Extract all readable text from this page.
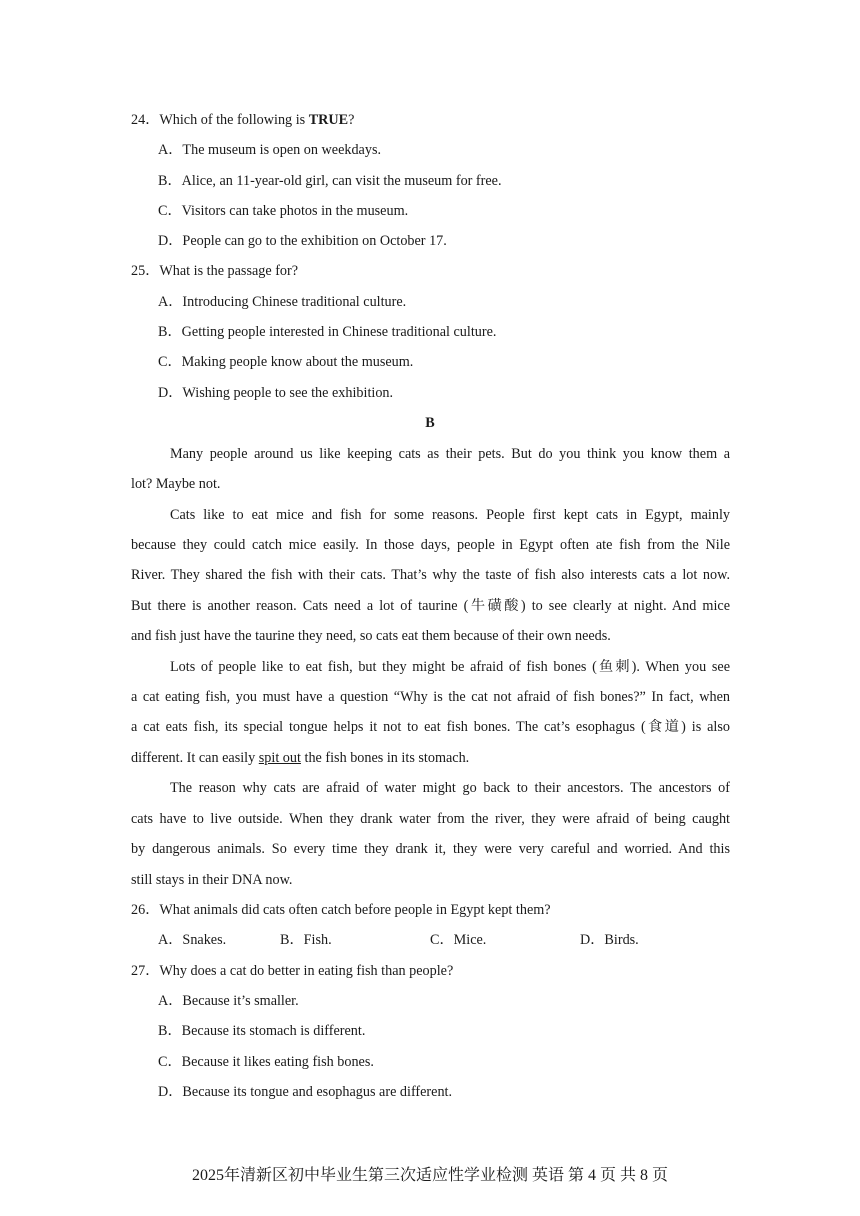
24．Which of the following is TRUE?
A．The museum is open on weekdays.
B．Alice, an 11-year-old girl, can visit the museum for free.
C．Visitors can take photos in the museum.
D．People can go to the exhibition on October 17.
25．What is the passage for?
A．Introducing Chinese traditional culture.
B．Getting people interested in Chinese traditional culture.
C．Making people know about the museum.
D．Wishing people to see the exhibition.
B
Many people around us like keeping cats as their pets. But do you think you know them a
lot? Maybe not.
Cats like to eat mice and fish for some reasons. People first kept cats in Egypt, mainly
because they could catch mice easily. In those days, people in Egypt often ate fish from the Nile
River. They shared the fish with their cats. That’s why the taste of fish also interests cats a lot now.
But there is another reason. Cats need a lot of taurine (牛磺酸) to see clearly at night. And mice
and fish just have the taurine they need, so cats eat them because of their own needs.
Lots of people like to eat fish, but they might be afraid of fish bones (鱼刺). When you see
a cat eating fish, you must have a question “Why is the cat not afraid of fish bones?” In fact, when
a cat eats fish, its special tongue helps it not to eat fish bones. The cat’s esophagus (食道) is also
different. It can easily spit out the fish bones in its stomach.
The reason why cats are afraid of water might go back to their ancestors. The ancestors of
cats have to live outside. When they drank water from the river, they were afraid of being caught
by dangerous animals. So every time they drank it, they were very careful and worried. And this
still stays in their DNA now.
26．What animals did cats often catch before people in Egypt kept them?
A．Snakes.	B．Fish.	C．Mice.	D．Birds.
27．Why does a cat do better in eating fish than people?
A．Because it’s smaller.
B．Because its stomach is different.
C．Because it likes eating fish bones.
D．Because its tongue and esophagus are different.
2025年清新区初中毕业生第三次适应性学业检测 英语 第 4 页 共 8 页
